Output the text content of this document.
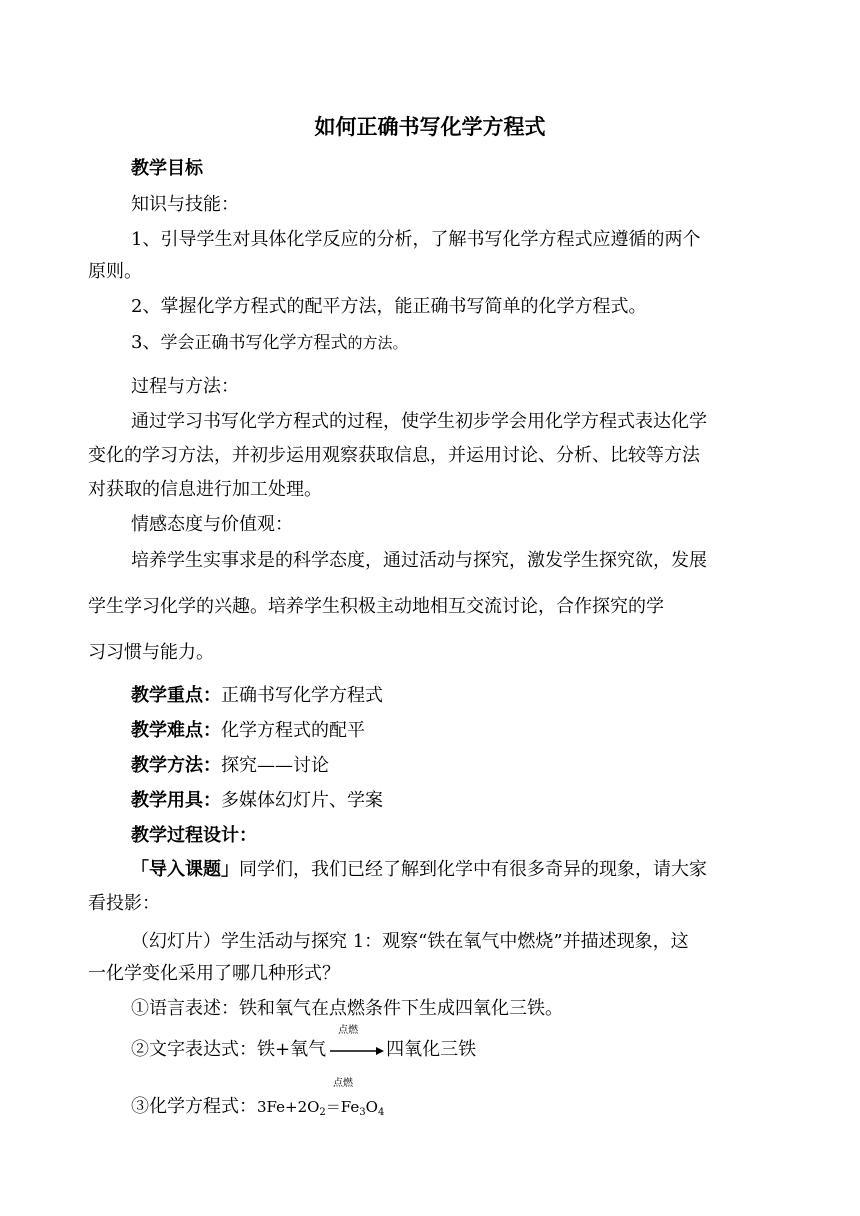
如何正确书写化学方程式
教学目标
知识与技能：
1、引导学生对具体化学反应的分析，了解书写化学方程式应遵循的两个
原则。
2、掌握化学方程式的配平方法，能正确书写简单的化学方程式。
3、学会正确书写化学方程式的方法。
过程与方法：
通过学习书写化学方程式的过程，使学生初步学会用化学方程式表达化学
变化的学习方法，并初步运用观察获取信息，并运用讨论、分析、比较等方法
对获取的信息进行加工处理。
情感态度与价值观：
培养学生实事求是的科学态度，通过活动与探究，激发学生探究欲，发展
学生学习化学的兴趣。培养学生积极主动地相互交流讨论，合作探究的学
习习惯与能力。
教学重点：正确书写化学方程式
教学难点：化学方程式的配平
教学方法：探究——讨论
教学用具：多媒体幻灯片、学案
教学过程设计：
「导入课题」同学们，我们已经了解到化学中有很多奇异的现象，请大家
看投影：
（幻灯片）学生活动与探究 1：观察“铁在氧气中燃烧”并描述现象，这
一化学变化采用了哪几种形式？
①语言表述：铁和氧气在点燃条件下生成四氧化三铁。
②文字表达式：铁+氧气
点燃
四氧化三铁
点燃
③化学方程式：$3Fe+2O_2=Fe_3O_4$
